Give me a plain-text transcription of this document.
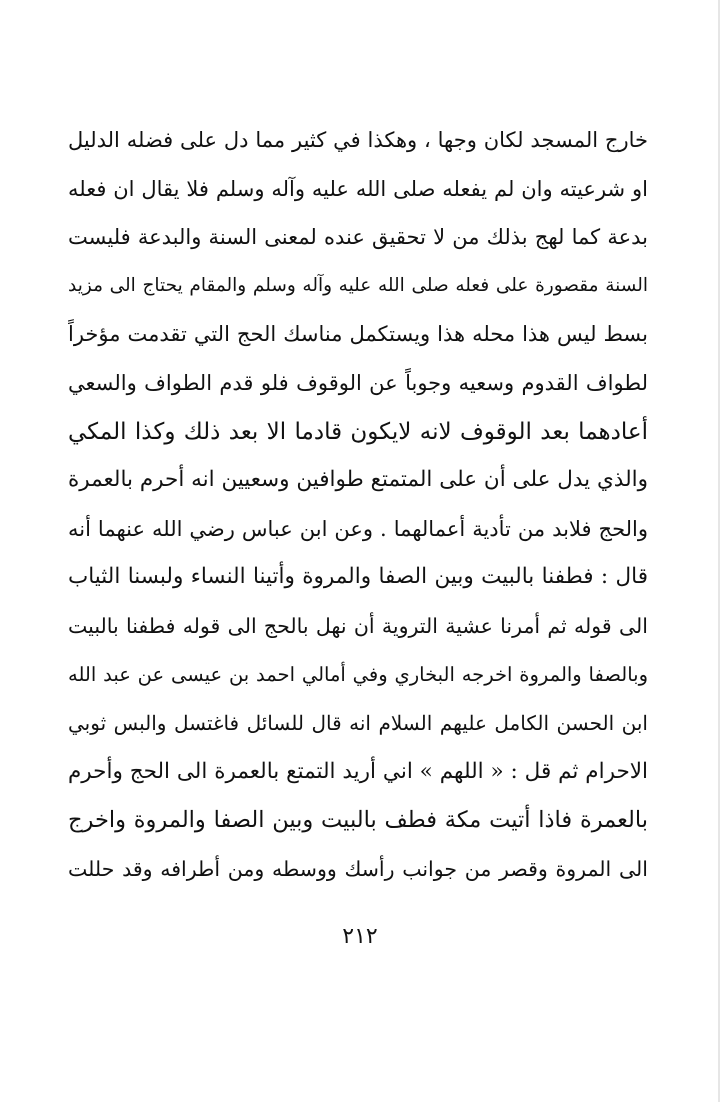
خارج المسجد لكان وجها ، وهكذا في كثير مما دل على فضله الدليل
او شرعيته وان لم يفعله صلى الله عليه وآله وسلم فلا يقال ان فعله
بدعة كما لهج بذلك من لا تحقيق عنده لمعنى السنة والبدعة فليست
السنة مقصورة على فعله صلى الله عليه وآله وسلم والمقام يحتاج الى مزيد
بسط ليس هذا محله هذا ويستكمل مناسك الحج التي تقدمت مؤخراً
لطواف القدوم وسعيه وجوباً عن الوقوف فلو قدم الطواف والسعي
أعادهما بعد الوقوف لانه لايكون قادما الا بعد ذلك وكذا المكي
والذي يدل على أن على المتمتع طوافين وسعيين انه أحرم بالعمرة
والحج فلابد من تأدية أعمالهما . وعن ابن عباس رضي الله عنهما أنه
قال : فطفنا بالبيت وبين الصفا والمروة وأتينا النساء ولبسنا الثياب
الى قوله ثم أمرنا عشية التروية أن نهل بالحج الى قوله فطفنا بالبيت
وبالصفا والمروة اخرجه البخاري وفي أمالي احمد بن عيسى عن عبد الله
ابن الحسن الكامل عليهم السلام انه قال للسائل فاغتسل والبس ثوبي
الاحرام ثم قل : « اللهم » اني أريد التمتع بالعمرة الى الحج وأحرم
بالعمرة فاذا أتيت مكة فطف بالبيت وبين الصفا والمروة واخرج
الى المروة وقصر من جوانب رأسك ووسطه ومن أطرافه وقد حللت
٢١٢
